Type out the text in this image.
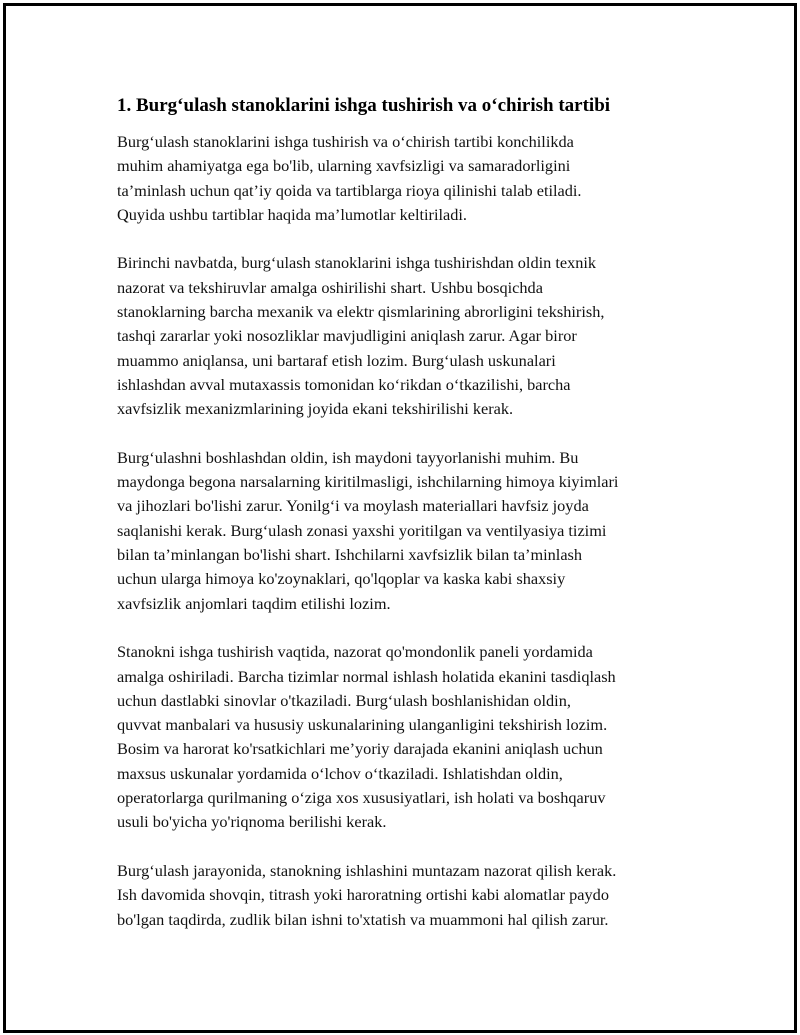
1. Burg‘ulash stanoklarini ishga tushirish va o‘chirish tartibi

Burg‘ulash stanoklarini ishga tushirish va o‘chirish tartibi konchilikda
muhim ahamiyatga ega bo'lib, ularning xavfsizligi va samaradorligini
ta’minlash uchun qat’iy qoida va tartiblarga rioya qilinishi talab etiladi.
Quyida ushbu tartiblar haqida ma’lumotlar keltiriladi.

Birinchi navbatda, burg‘ulash stanoklarini ishga tushirishdan oldin texnik
nazorat va tekshiruvlar amalga oshirilishi shart. Ushbu bosqichda
stanoklarning barcha mexanik va elektr qismlarining abrorligini tekshirish,
tashqi zararlar yoki nosozliklar mavjudligini aniqlash zarur. Agar biror
muammo aniqlansa, uni bartaraf etish lozim. Burg‘ulash uskunalari
ishlashdan avval mutaxassis tomonidan ko‘rikdan o‘tkazilishi, barcha
xavfsizlik mexanizmlarining joyida ekani tekshirilishi kerak.

Burg‘ulashni boshlashdan oldin, ish maydoni tayyorlanishi muhim. Bu
maydonga begona narsalarning kiritilmasligi, ishchilarning himoya kiyimlari
va jihozlari bo'lishi zarur. Yonilg‘i va moylash materiallari havfsiz joyda
saqlanishi kerak. Burg‘ulash zonasi yaxshi yoritilgan va ventilyasiya tizimi
bilan ta’minlangan bo'lishi shart. Ishchilarni xavfsizlik bilan ta’minlash
uchun ularga himoya ko'zoynaklari, qo'lqoplar va kaska kabi shaxsiy
xavfsizlik anjomlari taqdim etilishi lozim.

Stanokni ishga tushirish vaqtida, nazorat qo'mondonlik paneli yordamida
amalga oshiriladi. Barcha tizimlar normal ishlash holatida ekanini tasdiqlash
uchun dastlabki sinovlar o'tkaziladi. Burg‘ulash boshlanishidan oldin,
quvvat manbalari va hususiy uskunalarining ulanganligini tekshirish lozim.
Bosim va harorat ko'rsatkichlari me’yoriy darajada ekanini aniqlash uchun
maxsus uskunalar yordamida o‘lchov o‘tkaziladi. Ishlatishdan oldin,
operatorlarga qurilmaning o‘ziga xos xususiyatlari, ish holati va boshqaruv
usuli bo'yicha yo'riqnoma berilishi kerak.

Burg‘ulash jarayonida, stanokning ishlashini muntazam nazorat qilish kerak.
Ish davomida shovqin, titrash yoki haroratning ortishi kabi alomatlar paydo
bo'lgan taqdirda, zudlik bilan ishni to'xtatish va muammoni hal qilish zarur.
